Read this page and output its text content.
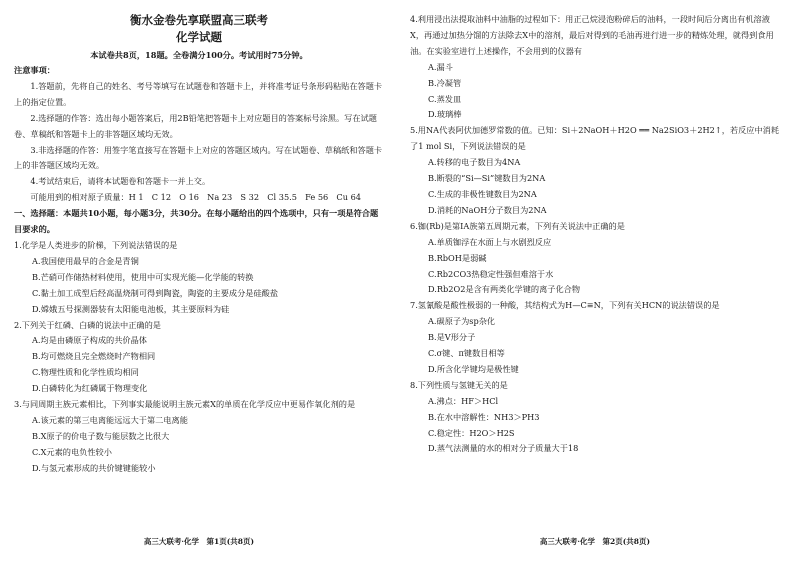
衡水金卷先享联盟高三联考

化学试题

本试卷共8页，18题。全卷满分100分。考试用时75分钟。

注意事项：

1.答题前，先将自己的姓名、考号等填写在试题卷和答题卡上，并将准考证号条形码粘贴在答题卡上的指定位置。

2.选择题的作答：选出每小题答案后，用2B铅笔把答题卡上对应题目的答案标号涂黑。写在试题卷、草稿纸和答题卡上的非答题区域均无效。

3.非选择题的作答：用签字笔直接写在答题卡上对应的答题区域内。写在试题卷、草稿纸和答题卡上的非答题区域均无效。

4.考试结束后，请将本试题卷和答题卡一并上交。

可能用到的相对原子质量：H 1　C 12　O 16　Na 23　S 32　Cl 35.5　Fe 56　Cu 64

一、选择题：本题共10小题，每小题3分，共30分。在每小题给出的四个选项中，只有一项是符合题目要求的。

1.化学是人类进步的阶梯，下列说法错误的是

A.我国使用最早的合金是青铜

B.芒硝可作储热材料使用，使用中可实现光能—化学能的转换

C.黏土加工成型后经高温烧制可得到陶瓷，陶瓷的主要成分是硅酸盐

D.嫦娥五号探测器装有太阳能电池板，其主要原料为硅

2.下列关于红磷、白磷的说法中正确的是

A.均是由磷原子构成的共价晶体

B.均可燃烧且完全燃烧时产物相同

C.物理性质和化学性质均相同

D.白磷转化为红磷属于物理变化

3.与同周期主族元素相比，下列事实最能说明主族元素X的单质在化学反应中更易作氧化剂的是

A.该元素的第三电离能远远大于第二电离能

B.X原子的价电子数与能层数之比很大

C.X元素的电负性较小

D.与氢元素形成的共价键键能较小

4.利用浸出法提取油料中油脂的过程如下：用正己烷浸泡粉碎后的油料，一段时间后分离出有机溶液X，再通过加热分馏的方法除去X中的溶剂，最后对得到的毛油再进行进一步的精炼处理，就得到食用油。在实验室进行上述操作，不会用到的仪器有

A.漏斗

B.冷凝管

C.蒸发皿

D.玻璃棒

5.用NA代表阿伏加德罗常数的值。已知：Si＋2NaOH＋H2O ══ Na2SiO3＋2H2↑，若反应中消耗了1 mol Si，下列说法错误的是

A.转移的电子数目为4NA

B.断裂的“Si—Si”键数目为2NA

C.生成的非极性键数目为2NA

D.消耗的NaOH分子数目为2NA

6.铷(Rb)是第ⅠA族第五周期元素，下列有关说法中正确的是

A.单质铷浮在水面上与水剧烈反应

B.RbOH是弱碱

C.Rb2CO3热稳定性强但难溶于水

D.Rb2O2是含有两类化学键的离子化合物

7.氢氰酸是酸性极弱的一种酸，其结构式为H—C≡N，下列有关HCN的说法错误的是

A.碳原子为sp杂化

B.是V形分子

C.σ键、π键数目相等

D.所含化学键均是极性键

8.下列性质与氢键无关的是

A.沸点：HF＞HCl

B.在水中溶解性：NH3＞PH3

C.稳定性：H2O＞H2S

D.蒸气法测量的水的相对分子质量大于18

高三大联考·化学　第1页(共8页)	高三大联考·化学　第2页(共8页)
